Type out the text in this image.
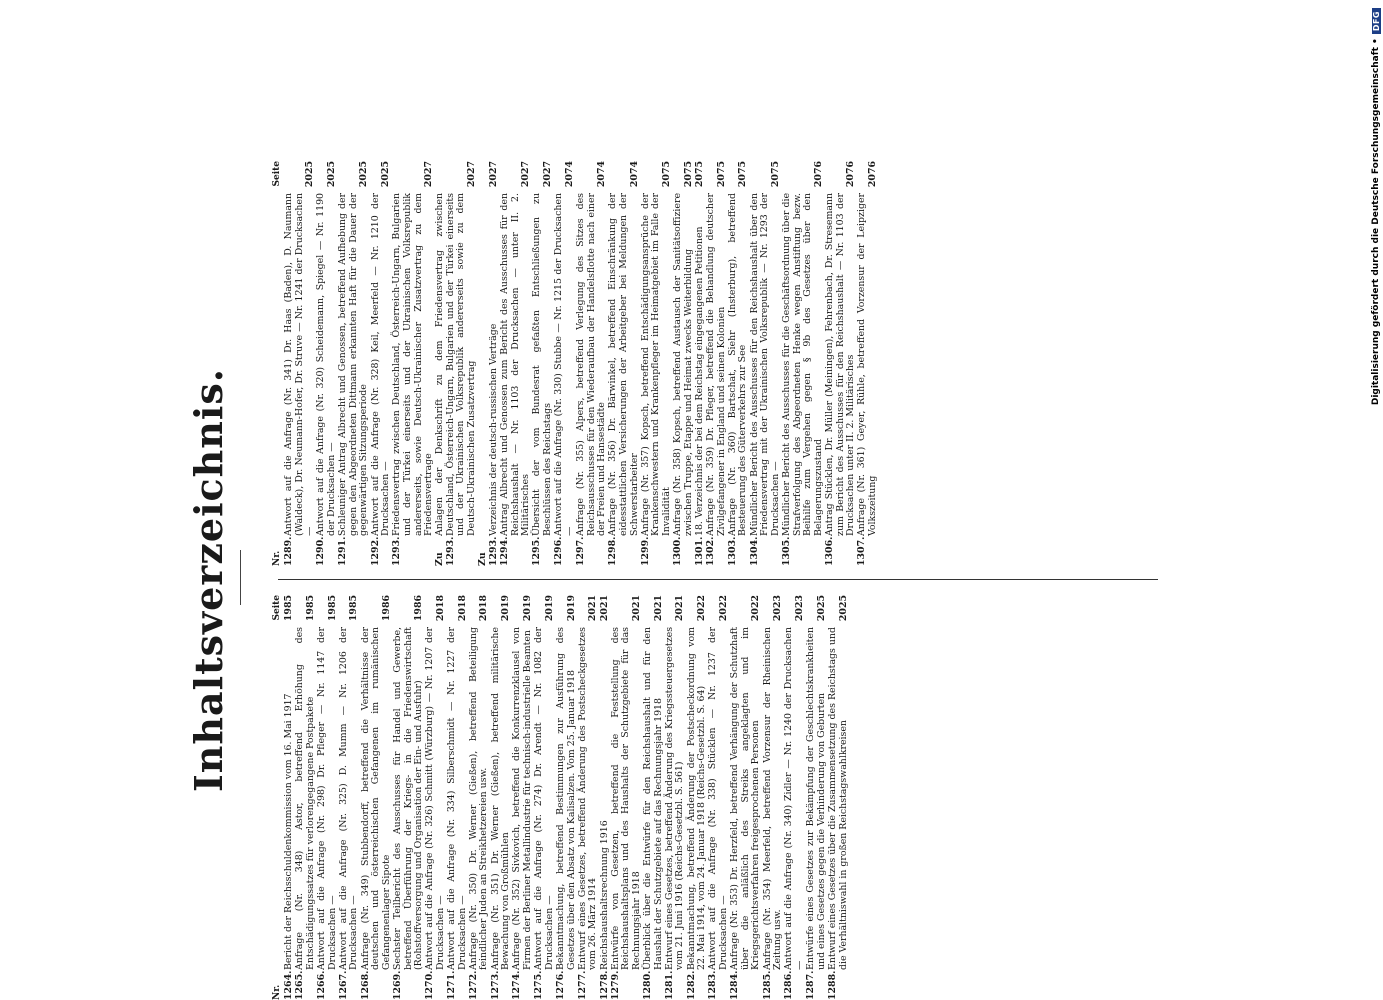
Inhaltsverzeichnis.
Nr.
Seite
1264.
Bericht der Reichsschuldenkommission vom 16. Mai 1917
1985
1265.
Anfrage (Nr. 348) Astor, betreffend Erhöhung des Entschädigungssatzes für verlorengegangene Postpakete
1985
1266.
Antwort auf die Anfrage (Nr. 298) Dr. Pfleger — Nr. 1147 der Drucksachen —
1985
1267.
Antwort auf die Anfrage (Nr. 325) D. Mumm — Nr. 1206 der Drucksachen —
1985
1268.
Anfrage (Nr. 349) Stubbendorff, betreffend die Verhältnisse der deutschen und österreichischen Gefangenen im rumänischen Gefangenenlager Sipote
1986
1269.
Sechster Teilbericht des Ausschusses für Handel und Gewerbe, betreffend Überführung der Kriegs- in die Friedenswirtschaft (Rohstoffversorgung und Organisation der Ein- und Ausfuhr)
1986
1270.
Antwort auf die Anfrage (Nr. 326) Schmitt (Würzburg) — Nr. 1207 der Drucksachen —
2018
1271.
Antwort auf die Anfrage (Nr. 334) Silberschmidt — Nr. 1227 der Drucksachen —
2018
1272.
Anfrage (Nr. 350) Dr. Werner (Gießen), betreffend Beteiligung feindlicher Juden an Streikhetzereien usw.
2018
1273.
Anfrage (Nr. 351) Dr. Werner (Gießen), betreffend militärische Bewachung von Großmühlen
2019
1274.
Anfrage (Nr. 352) Sivkovich, betreffend die Konkurrenzklausel von Firmen der Berliner Metallindustrie für technisch-industrielle Beamten
2019
1275.
Antwort auf die Anfrage (Nr. 274) Dr. Arendt — Nr. 1082 der Drucksachen —
2019
1276.
Bekanntmachung, betreffend Bestimmungen zur Ausführung des Gesetzes über den Absatz von Kalisalzen. Vom 25. Januar 1918
2019
1277.
Entwurf eines Gesetzes, betreffend Änderung des Postscheckgesetzes vom 26. März 1914
2021
1278.
Reichshaushaltsrechnung 1916
2021
1279.
Entwürfe von Gesetzen, betreffend die Feststellung des Reichshaushaltsplans und des Haushalts der Schutzgebiete für das Rechnungsjahr 1918
2021
1280.
Überblick über die Entwürfe für den Reichshaushalt und für den Haushalt der Schutzgebiete auf das Rechnungsjahr 1918
2021
1281.
Entwurf eines Gesetzes, betreffend Änderung des Kriegssteuergesetzes vom 21. Juni 1916 (Reichs-Gesetzbl. S. 561)
2021
1282.
Bekanntmachung, betreffend Änderung der Postscheckordnung vom 22. Mai 1914, vom 24. Januar 1918 (Reichs-Gesetzbl. S. 64)
2022
1283.
Antwort auf die Anfrage (Nr. 338) Stücklen — Nr. 1237 der Drucksachen —
2022
1284.
Anfrage (Nr. 353) Dr. Herzfeld, betreffend Verhängung der Schutzhaft über die anläßlich des Streiks angeklagten und im Kriegsgerichtsverfahren freigesprochenen Personen
2022
1285.
Anfrage (Nr. 354) Meerfeld, betreffend Vorzensur der Rheinischen Zeitung usw.
2023
1286.
Antwort auf die Anfrage (Nr. 340) Zidler — Nr. 1240 der Drucksachen —
2023
1287.
Entwürfe eines Gesetzes zur Bekämpfung der Geschlechtskrankheiten und eines Gesetzes gegen die Verhinderung von Geburten
2025
1288.
Entwurf eines Gesetzes über die Zusammensetzung des Reichstags und die Verhältniswahl in großen Reichstagswahlkreisen
2025
Nr.
Seite
1289.
Antwort auf die Anfrage (Nr. 341) Dr. Haas (Baden), D. Naumann (Waldeck), Dr. Neumann-Hofer, Dr. Struve — Nr. 1241 der Drucksachen —
2025
1290.
Antwort auf die Anfrage (Nr. 320) Scheidemann, Spiegel — Nr. 1190 der Drucksachen —
2025
1291.
Schleuniger Antrag Albrecht und Genossen, betreffend Aufhebung der gegen den Abgeordneten Dittmann erkannten Haft für die Dauer der gegenwärtigen Sitzungsperiode
2025
1292.
Antwort auf die Anfrage (Nr. 328) Keil, Meerfeld — Nr. 1210 der Drucksachen —
2025
1293.
Friedensvertrag zwischen Deutschland, Österreich-Ungarn, Bulgarien und der Türkei einerseits und der Ukrainischen Volksrepublik andererseits, sowie Deutsch-Ukrainischer Zusatzvertrag zu dem Friedensvertrage
2027
Zu 1293.
Anlagen der Denkschrift zu dem Friedensvertrag zwischen Deutschland, Österreich-Ungarn, Bulgarien und der Türkei einerseits und der Ukrainischen Volksrepublik andererseits sowie zu dem Deutsch-Ukrainischen Zusatzvertrag
2027
Zu 1293.
Verzeichnis der deutsch-russischen Verträge
2027
1294.
Antrag Albrecht und Genossen zum Bericht des Ausschusses für den Reichshaushalt — Nr. 1103 der Drucksachen — unter II. 2. Militärisches
2027
1295.
Übersicht der vom Bundesrat gefaßten Entschließungen zu Beschlüssen des Reichstags
2027
1296.
Antwort auf die Anfrage (Nr. 330) Stubbe — Nr. 1215 der Drucksachen —
2074
1297.
Anfrage (Nr. 355) Alpers, betreffend Verlegung des Sitzes des Reichsausschusses für den Wiederaufbau der Handelsflotte nach einer der Freien und Hansestädte
2074
1298.
Anfrage (Nr. 356) Dr. Bärwinkel, betreffend Einschränkung der eidesstattlichen Versicherungen der Arbeitgeber bei Meldungen der Schwerstarbeiter
2074
1299.
Anfrage (Nr. 357) Kopsch, betreffend Entschädigungsansprüche der Krankenschwestern und Krankenpfleger im Heimatgebiet im Falle der Invalidität
2075
1300.
Anfrage (Nr. 358) Kopsch, betreffend Austausch der Sanitätsoffiziere zwischen Truppe, Etappe und Heimat zwecks Weiterbildung
2075
1301.
18. Verzeichnis der bei dem Reichstag eingegangenen Petitionen
2075
1302.
Anfrage (Nr. 359) Dr. Pfleger, betreffend die Behandlung deutscher Zivilgefangener in England und seinen Kolonien
2075
1303.
Anfrage (Nr. 360) Bartschat, Siehr (Insterburg), betreffend Besteuerung des Güterverkehrs zur See
2075
1304.
Mündlicher Bericht des Ausschusses für den Reichshaushalt über den Friedensvertrag mit der Ukrainischen Volksrepublik — Nr. 1293 der Drucksachen —
2075
1305.
Mündlicher Bericht des Ausschusses für die Geschäftsordnung über die Strafverfolgung des Abgeordneten Henke wegen Anstiftung bezw. Beihilfe zum Vergehen gegen § 9b des Gesetzes über den Belagerungszustand
2076
1306.
Antrag Stücklen, Dr. Müller (Meiningen), Fehrenbach, Dr. Stresemann zum Bericht des Ausschusses für den Reichshaushalt — Nr. 1103 der Drucksachen unter II. 2. Militärisches
2076
1307.
Anfrage (Nr. 361) Geyer, Rühle, betreffend Vorzensur der Leipziger Volkszeitung
2076	Digitalisierung gefördert durch die Deutsche Forschungsgemeinschaft •
DFG
